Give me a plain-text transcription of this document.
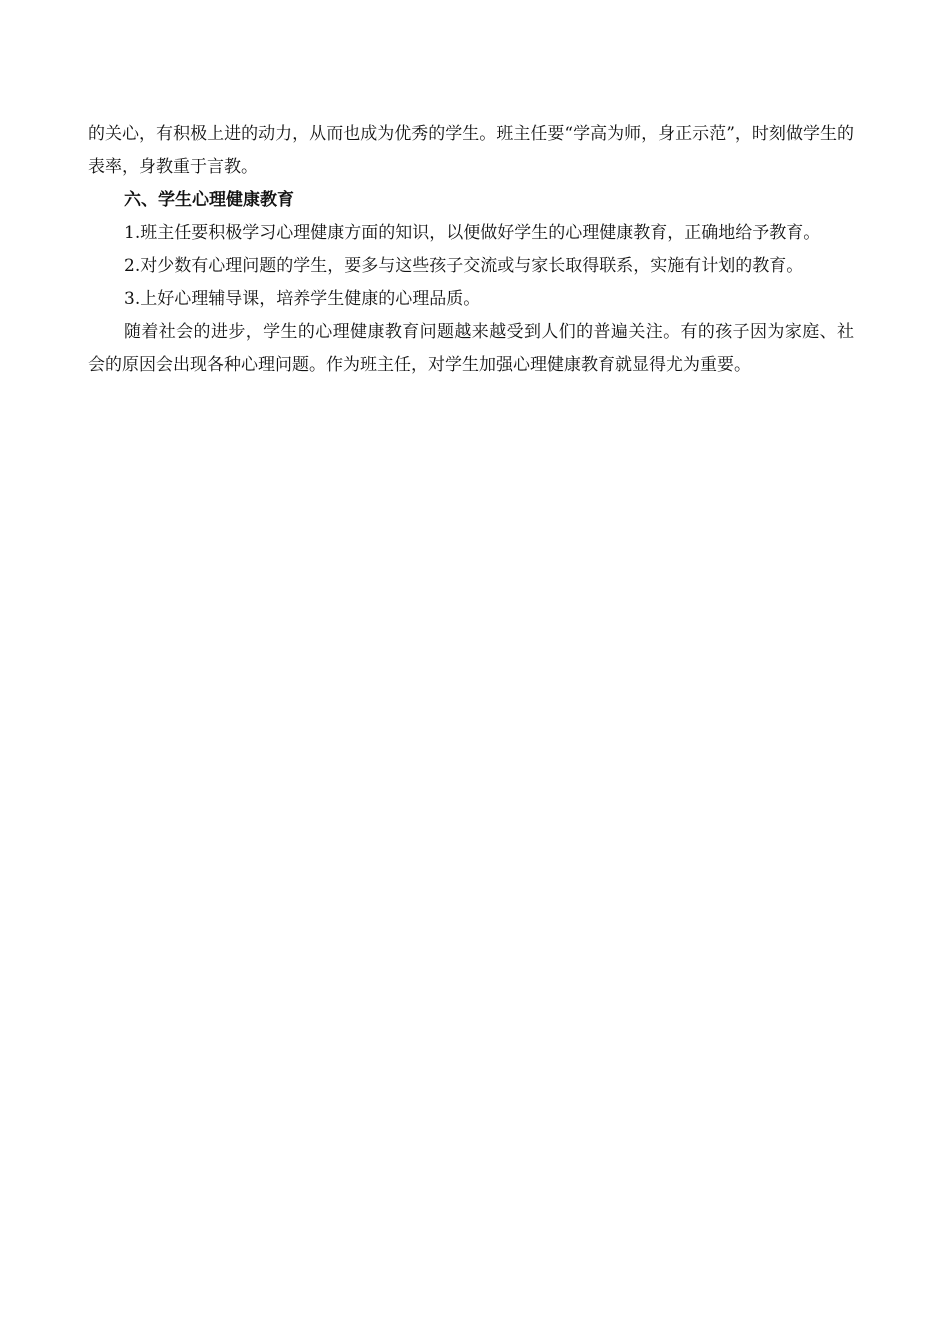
的关心，有积极上进的动力，从而也成为优秀的学生。班主任要“学高为师，身正示范”，时刻做学生的表率，身教重于言教。

六、学生心理健康教育

1.班主任要积极学习心理健康方面的知识，以便做好学生的心理健康教育，正确地给予教育。

2.对少数有心理问题的学生，要多与这些孩子交流或与家长取得联系，实施有计划的教育。

3.上好心理辅导课，培养学生健康的心理品质。

随着社会的进步，学生的心理健康教育问题越来越受到人们的普遍关注。有的孩子因为家庭、社会的原因会出现各种心理问题。作为班主任，对学生加强心理健康教育就显得尤为重要。
